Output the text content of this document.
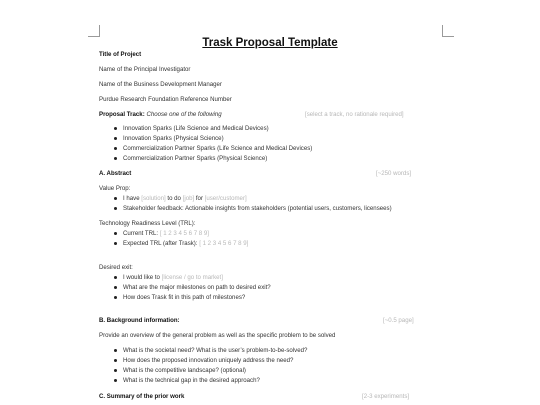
Trask Proposal Template
Title of Project
Name of the Principal Investigator
Name of the Business Development Manager
Purdue Research Foundation Reference Number
Proposal Track: Choose one of the following	[select a track, no rationale required]
Innovation Sparks (Life Science and Medical Devices)
Innovation Sparks (Physical Science)
Commercialization Partner Sparks (Life Science and Medical Devices)
Commercialization Partner Sparks (Physical Science)
A. Abstract	[~250 words]
Value Prop:
I have [solution] to do [job] for [user/customer]
Stakeholder feedback: Actionable insights from stakeholders (potential users, customers, licensees)
Technology Readiness Level (TRL):
Current TRL: [ 1 2 3 4 5 6 7 8 9]
Expected TRL (after Trask): [ 1 2 3 4 5 6 7 8 9]
Desired exit:
I would like to [license / go to market]
What are the major milestones on path to desired exit?
How does Trask fit in this path of milestones?
B. Background information:	[~0.5 page]
Provide an overview of the general problem as well as the specific problem to be solved
What is the societal need? What is the user’s problem-to-be-solved?
How does the proposed innovation uniquely address the need?
What is the competitive landscape? (optional)
What is the technical gap in the desired approach?
C. Summary of the prior work	[2-3 experiments]
